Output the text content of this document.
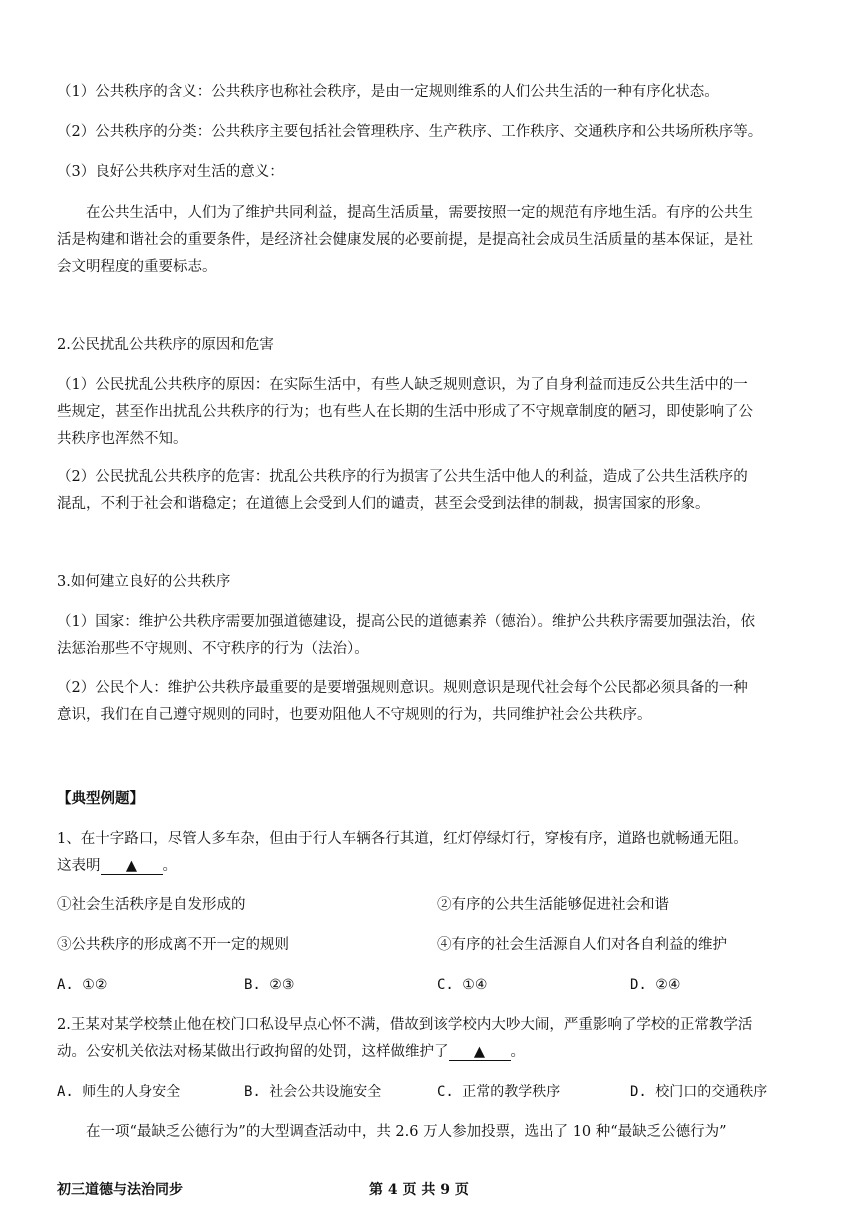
（1）公共秩序的含义：公共秩序也称社会秩序，是由一定规则维系的人们公共生活的一种有序化状态。
（2）公共秩序的分类：公共秩序主要包括社会管理秩序、生产秩序、工作秩序、交通秩序和公共场所秩序等。
（3）良好公共秩序对生活的意义：
在公共生活中，人们为了维护共同利益，提高生活质量，需要按照一定的规范有序地生活。有序的公共生
活是构建和谐社会的重要条件，是经济社会健康发展的必要前提，是提高社会成员生活质量的基本保证，是社
会文明程度的重要标志。
2.公民扰乱公共秩序的原因和危害
（1）公民扰乱公共秩序的原因：在实际生活中，有些人缺乏规则意识，为了自身利益而违反公共生活中的一
些规定，甚至作出扰乱公共秩序的行为；也有些人在长期的生活中形成了不守规章制度的陋习，即使影响了公
共秩序也浑然不知。
（2）公民扰乱公共秩序的危害：扰乱公共秩序的行为损害了公共生活中他人的利益，造成了公共生活秩序的
混乱，不利于社会和谐稳定；在道德上会受到人们的谴责，甚至会受到法律的制裁，损害国家的形象。
3.如何建立良好的公共秩序
（1）国家：维护公共秩序需要加强道德建设，提高公民的道德素养（德治）。维护公共秩序需要加强法治，依
法惩治那些不守规则、不守秩序的行为（法治）。
（2）公民个人：维护公共秩序最重要的是要增强规则意识。规则意识是现代社会每个公民都必须具备的一种
意识，我们在自己遵守规则的同时，也要劝阻他人不守规则的行为，共同维护社会公共秩序。
【典型例题】
1、在十字路口，尽管人多车杂，但由于行人车辆各行其道，红灯停绿灯行，穿梭有序，道路也就畅通无阻。
这表明 ▲ 。
①社会生活秩序是自发形成的	②有序的公共生活能够促进社会和谐
③公共秩序的形成离不开一定的规则	④有序的社会生活源自人们对各自利益的维护
A. ①②	B. ②③	C. ①④	D. ②④
2.王某对某学校禁止他在校门口私设早点心怀不满，借故到该学校内大吵大闹，严重影响了学校的正常教学活
动。公安机关依法对杨某做出行政拘留的处罚，这样做维护了 ▲ 。
A. 师生的人身安全	B. 社会公共设施安全	C. 正常的教学秩序	D. 校门口的交通秩序
在一项“最缺乏公德行为”的大型调查活动中，共 2.6 万人参加投票，选出了 10 种“最缺乏公德行为”
初三道德与法治同步	第 4 页 共 9 页
